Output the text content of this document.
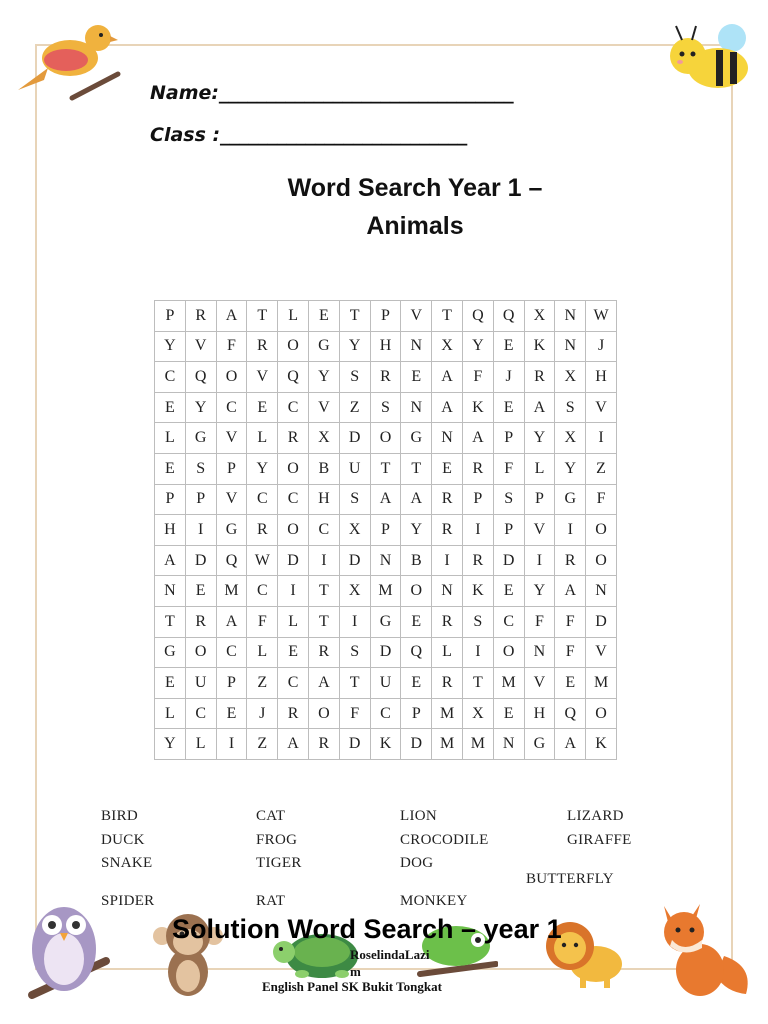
Name:_______________________________
Class :__________________________
Word Search Year 1 –
Animals
P	R	A	T	L	E	T	P	V	T	Q	Q	X	N	W
Y	V	F	R	O	G	Y	H	N	X	Y	E	K	N	J
C	Q	O	V	Q	Y	S	R	E	A	F	J	R	X	H
E	Y	C	E	C	V	Z	S	N	A	K	E	A	S	V
L	G	V	L	R	X	D	O	G	N	A	P	Y	X	I
E	S	P	Y	O	B	U	T	T	E	R	F	L	Y	Z
P	P	V	C	C	H	S	A	A	R	P	S	P	G	F
H	I	G	R	O	C	X	P	Y	R	I	P	V	I	O
A	D	Q	W	D	I	D	N	B	I	R	D	I	R	O
N	E	M	C	I	T	X	M	O	N	K	E	Y	A	N
T	R	A	F	L	T	I	G	E	R	S	C	F	F	D
G	O	C	L	E	R	S	D	Q	L	I	O	N	F	V
E	U	P	Z	C	A	T	U	E	R	T	M	V	E	M
L	C	E	J	R	O	F	C	P	M	X	E	H	Q	O
Y	L	I	Z	A	R	D	K	D	M	M	N	G	A	K
BIRD	CAT	LION	LIZARD
DUCK	FROG	CROCODILE	GIRAFFE
SNAKE	TIGER	DOG
BUTTERFLY
SPIDER	RAT	MONKEY
Solution Word Search – year 1
RoselindaLazi
m
English Panel SK Bukit Tongkat
